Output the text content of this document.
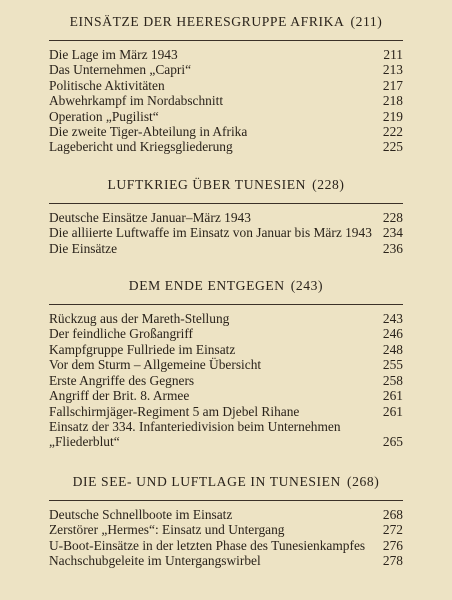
EINSÄTZE DER HEERESGRUPPE AFRIKA (211)
Die Lage im März 1943	211
Das Unternehmen „Capri“	213
Politische Aktivitäten	217
Abwehrkampf im Nordabschnitt	218
Operation „Pugilist“	219
Die zweite Tiger-Abteilung in Afrika	222
Lagebericht und Kriegsgliederung	225
LUFTKRIEG ÜBER TUNESIEN (228)
Deutsche Einsätze Januar–März 1943	228
Die alliierte Luftwaffe im Einsatz von Januar bis März 1943 234
Die Einsätze	236
DEM ENDE ENTGEGEN (243)
Rückzug aus der Mareth-Stellung	243
Der feindliche Großangriff	246
Kampfgruppe Fullriede im Einsatz	248
Vor dem Sturm – Allgemeine Übersicht	255
Erste Angriffe des Gegners	258
Angriff der Brit. 8. Armee	261
Fallschirmjäger-Regiment 5 am Djebel Rihane	261
Einsatz der 334. Infanteriedivision beim Unternehmen „Fliederblut“	265
DIE SEE- UND LUFTLAGE IN TUNESIEN (268)
Deutsche Schnellboote im Einsatz	268
Zerstörer „Hermes“: Einsatz und Untergang	272
U-Boot-Einsätze in der letzten Phase des Tunesienkampfes	276
Nachschubgeleite im Untergangswirbel	278
